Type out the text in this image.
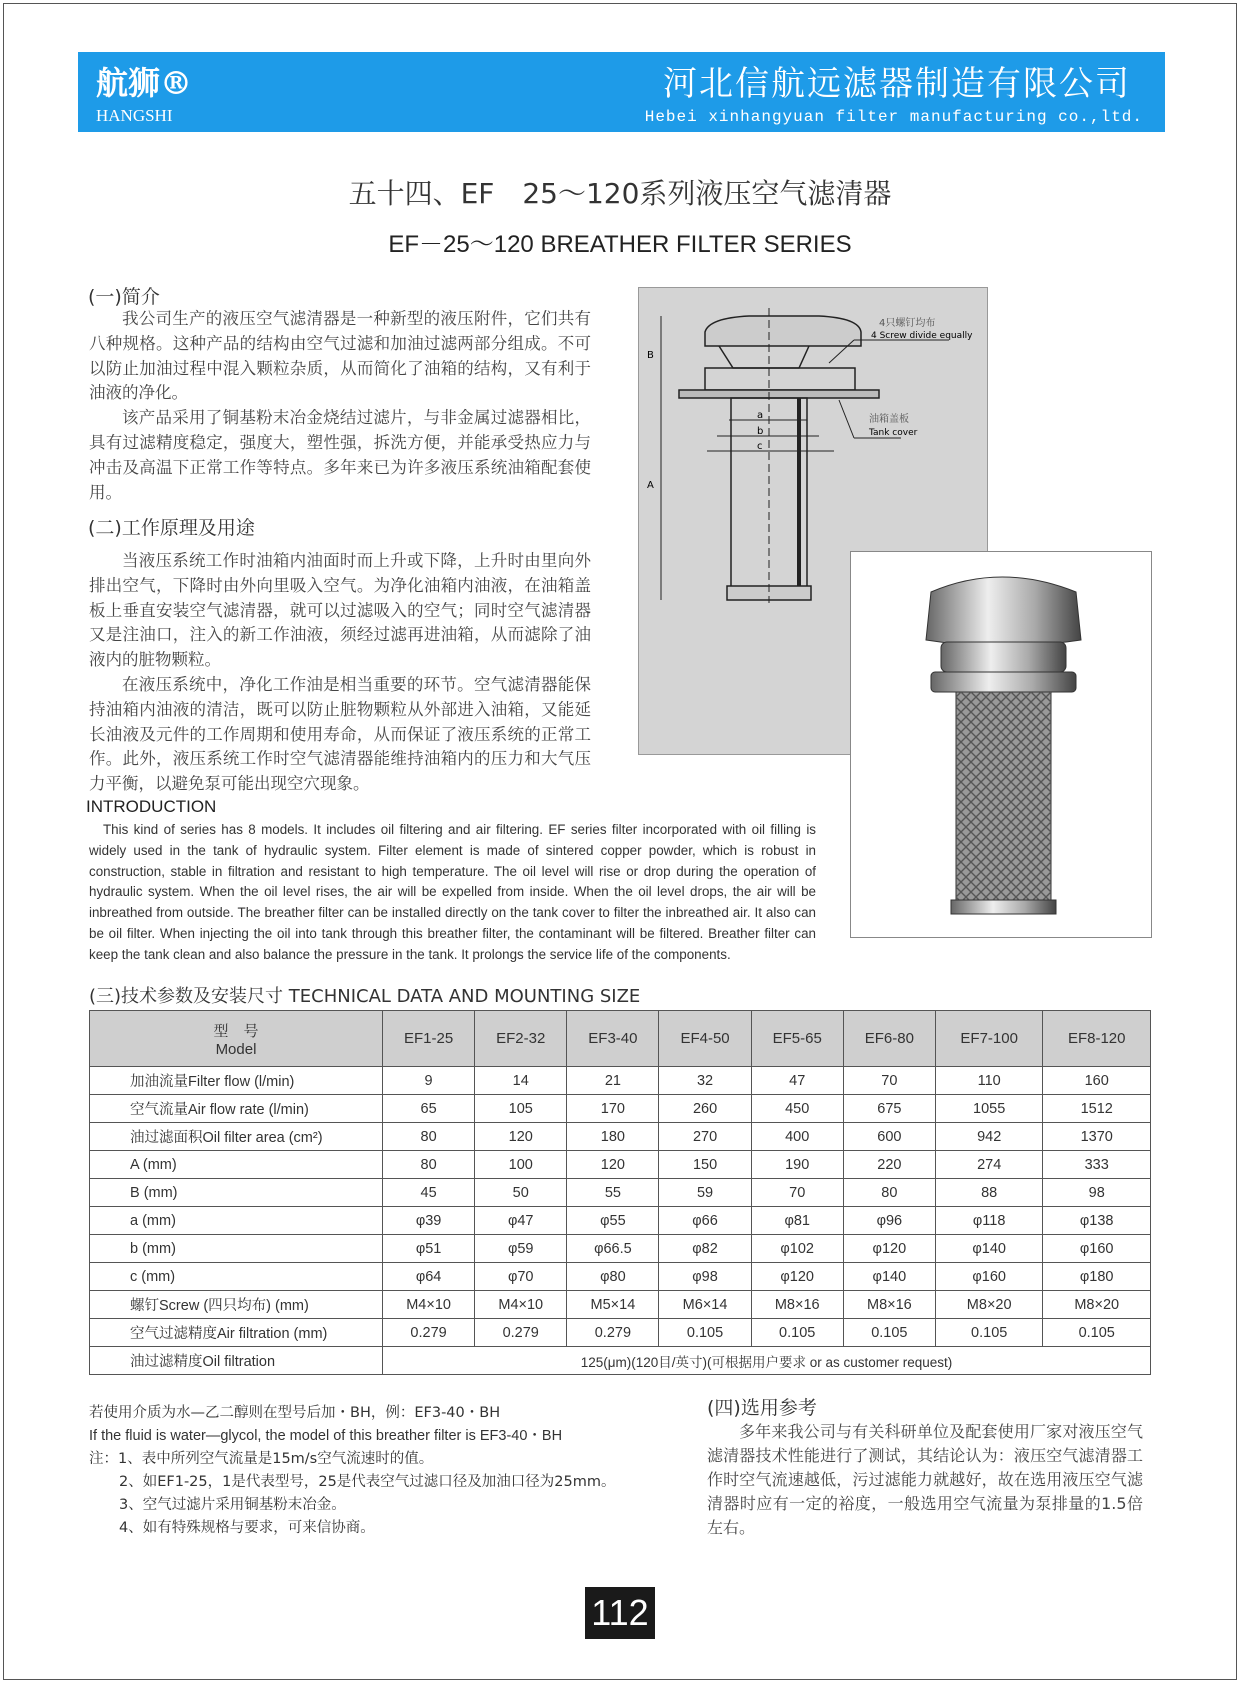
航狮®
HANGSHI
河北信航远滤器制造有限公司
Hebei xinhangyuan filter manufacturing co.,ltd.
五十四、EF　25～120系列液压空气滤清器
EF－25～120 BREATHER FILTER SERIES
(一)简介

我公司生产的液压空气滤清器是一种新型的液压附件，它们共有八种规格。这种产品的结构由空气过滤和加油过滤两部分组成。不可以防止加油过程中混入颗粒杂质，从而简化了油箱的结构，又有利于油液的净化。

该产品采用了铜基粉末冶金烧结过滤片，与非金属过滤器相比，具有过滤精度稳定，强度大，塑性强，拆洗方便，并能承受热应力与冲击及高温下正常工作等特点。多年来已为许多液压系统油箱配套使用。

(二)工作原理及用途

当液压系统工作时油箱内油面时而上升或下降，上升时由里向外排出空气，下降时由外向里吸入空气。为净化油箱内油液，在油箱盖板上垂直安装空气滤清器，就可以过滤吸入的空气；同时空气滤清器又是注油口，注入的新工作油液，须经过滤再进油箱，从而滤除了油液内的脏物颗粒。

在液压系统中，净化工作油是相当重要的环节。空气滤清器能保持油箱内油液的清洁，既可以防止脏物颗粒从外部进入油箱，又能延长油液及元件的工作周期和使用寿命，从而保证了液压系统的正常工作。此外，液压系统工作时空气滤清器能维持油箱内的压力和大气压力平衡，以避免泵可能出现空穴现象。

INTRODUCTION
This kind of series has 8 models. It includes oil filtering and air filtering. EF series filter incorporated with oil filling is widely used in the tank of hydraulic system. Filter element is made of sintered copper powder, which is robust in construction, stable in filtration and resistant to high temperature. The oil level will rise or drop during the operation of hydraulic system. When the oil level rises, the air will be expelled from inside. When the oil level drops, the air will be inbreathed from outside. The breather filter can be installed directly on the tank cover to filter the inbreathed air. It also can be oil filter. When injecting the oil into tank through this breather filter, the contaminant will be filtered. Breather filter can keep the tank clean and also balance the pressure in the tank. It prolongs the service life of the components.
B
A
a
b
c
4只螺钉均布
4 Screw divide equally
油箱盖板
Tank cover
(三)技术参数及安装尺寸 TECHNICAL DATA AND MOUNTING SIZE
型　号
Model	EF1-25	EF2-32	EF3-40	EF4-50	EF5-65	EF6-80	EF7-100	EF8-120
加油流量Filter flow (l/min)	9	14	21	32	47	70	110	160
空气流量Air flow rate (l/min)	65	105	170	260	450	675	1055	1512
油过滤面积Oil filter area (cm²)	80	120	180	270	400	600	942	1370
A (mm)	80	100	120	150	190	220	274	333
B (mm)	45	50	55	59	70	80	88	98
a (mm)	φ39	φ47	φ55	φ66	φ81	φ96	φ118	φ138
b (mm)	φ51	φ59	φ66.5	φ82	φ102	φ120	φ140	φ160
c (mm)	φ64	φ70	φ80	φ98	φ120	φ140	φ160	φ180
螺钉Screw (四只均布) (mm)	M4×10	M4×10	M5×14	M6×14	M8×16	M8×16	M8×20	M8×20
空气过滤精度Air filtration (mm)	0.279	0.279	0.279	0.105	0.105	0.105	0.105	0.105
油过滤精度Oil filtration	125(μm)(120目/英寸)(可根据用户要求 or as customer request)							
若使用介质为水—乙二醇则在型号后加・BH，例：EF3-40・BH
If the fluid is water—glycol, the model of this breather filter is EF3-40・BH
注：1、表中所列空气流量是15m/s空气流速时的值。
2、如EF1-25，1是代表型号，25是代表空气过滤口径及加油口径为25mm。
3、空气过滤片采用铜基粉末冶金。
4、如有特殊规格与要求，可来信协商。
(四)选用参考

多年来我公司与有关科研单位及配套使用厂家对液压空气滤清器技术性能进行了测试，其结论认为：液压空气滤清器工作时空气流速越低，污过滤能力就越好，故在选用液压空气滤清器时应有一定的裕度，一般选用空气流量为泵排量的1.5倍左右。

112
